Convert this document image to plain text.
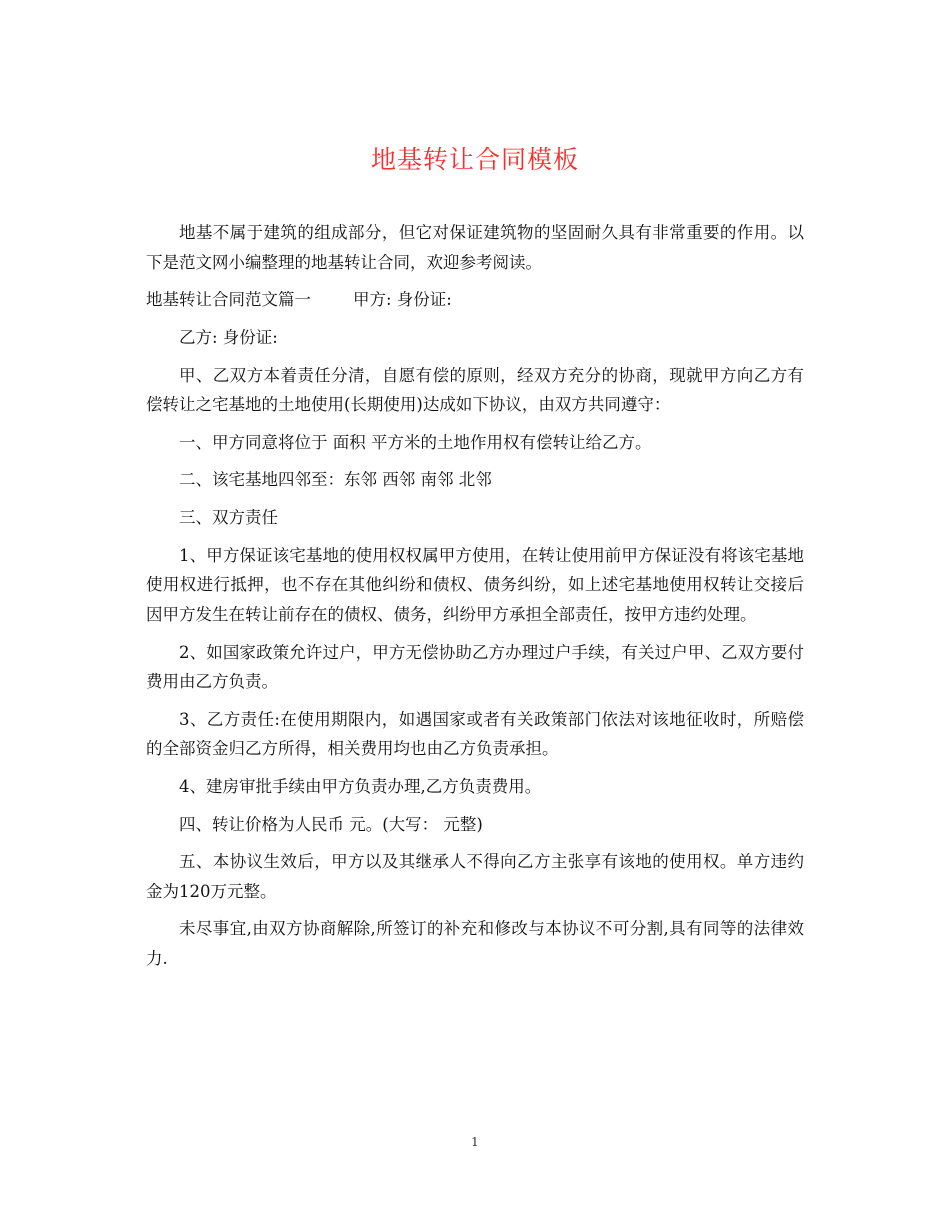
地基转让合同模板

地基不属于建筑的组成部分，但它对保证建筑物的坚固耐久具有非常重要的作用。以下是范文网小编整理的地基转让合同，欢迎参考阅读。

地基转让合同范文篇一	甲方: 身份证:

乙方: 身份证:

甲、乙双方本着责任分清，自愿有偿的原则，经双方充分的协商，现就甲方向乙方有偿转让之宅基地的土地使用(长期使用)达成如下协议，由双方共同遵守：

一、甲方同意将位于 面积 平方米的土地作用权有偿转让给乙方。

二、该宅基地四邻至：东邻 西邻 南邻 北邻

三、双方责任

1、甲方保证该宅基地的使用权权属甲方使用，在转让使用前甲方保证没有将该宅基地使用权进行抵押，也不存在其他纠纷和债权、债务纠纷，如上述宅基地使用权转让交接后因甲方发生在转让前存在的债权、债务，纠纷甲方承担全部责任，按甲方违约处理。

2、如国家政策允许过户，甲方无偿协助乙方办理过户手续，有关过户甲、乙双方要付费用由乙方负责。

3、乙方责任:在使用期限内，如遇国家或者有关政策部门依法对该地征收时，所赔偿的全部资金归乙方所得，相关费用均也由乙方负责承担。

4、建房审批手续由甲方负责办理,乙方负责费用。

四、转让价格为人民币 元。(大写： 元整)

五、本协议生效后，甲方以及其继承人不得向乙方主张享有该地的使用权。单方违约金为120万元整。

未尽事宜,由双方协商解除,所签订的补充和修改与本协议不可分割,具有同等的法律效力.

1
